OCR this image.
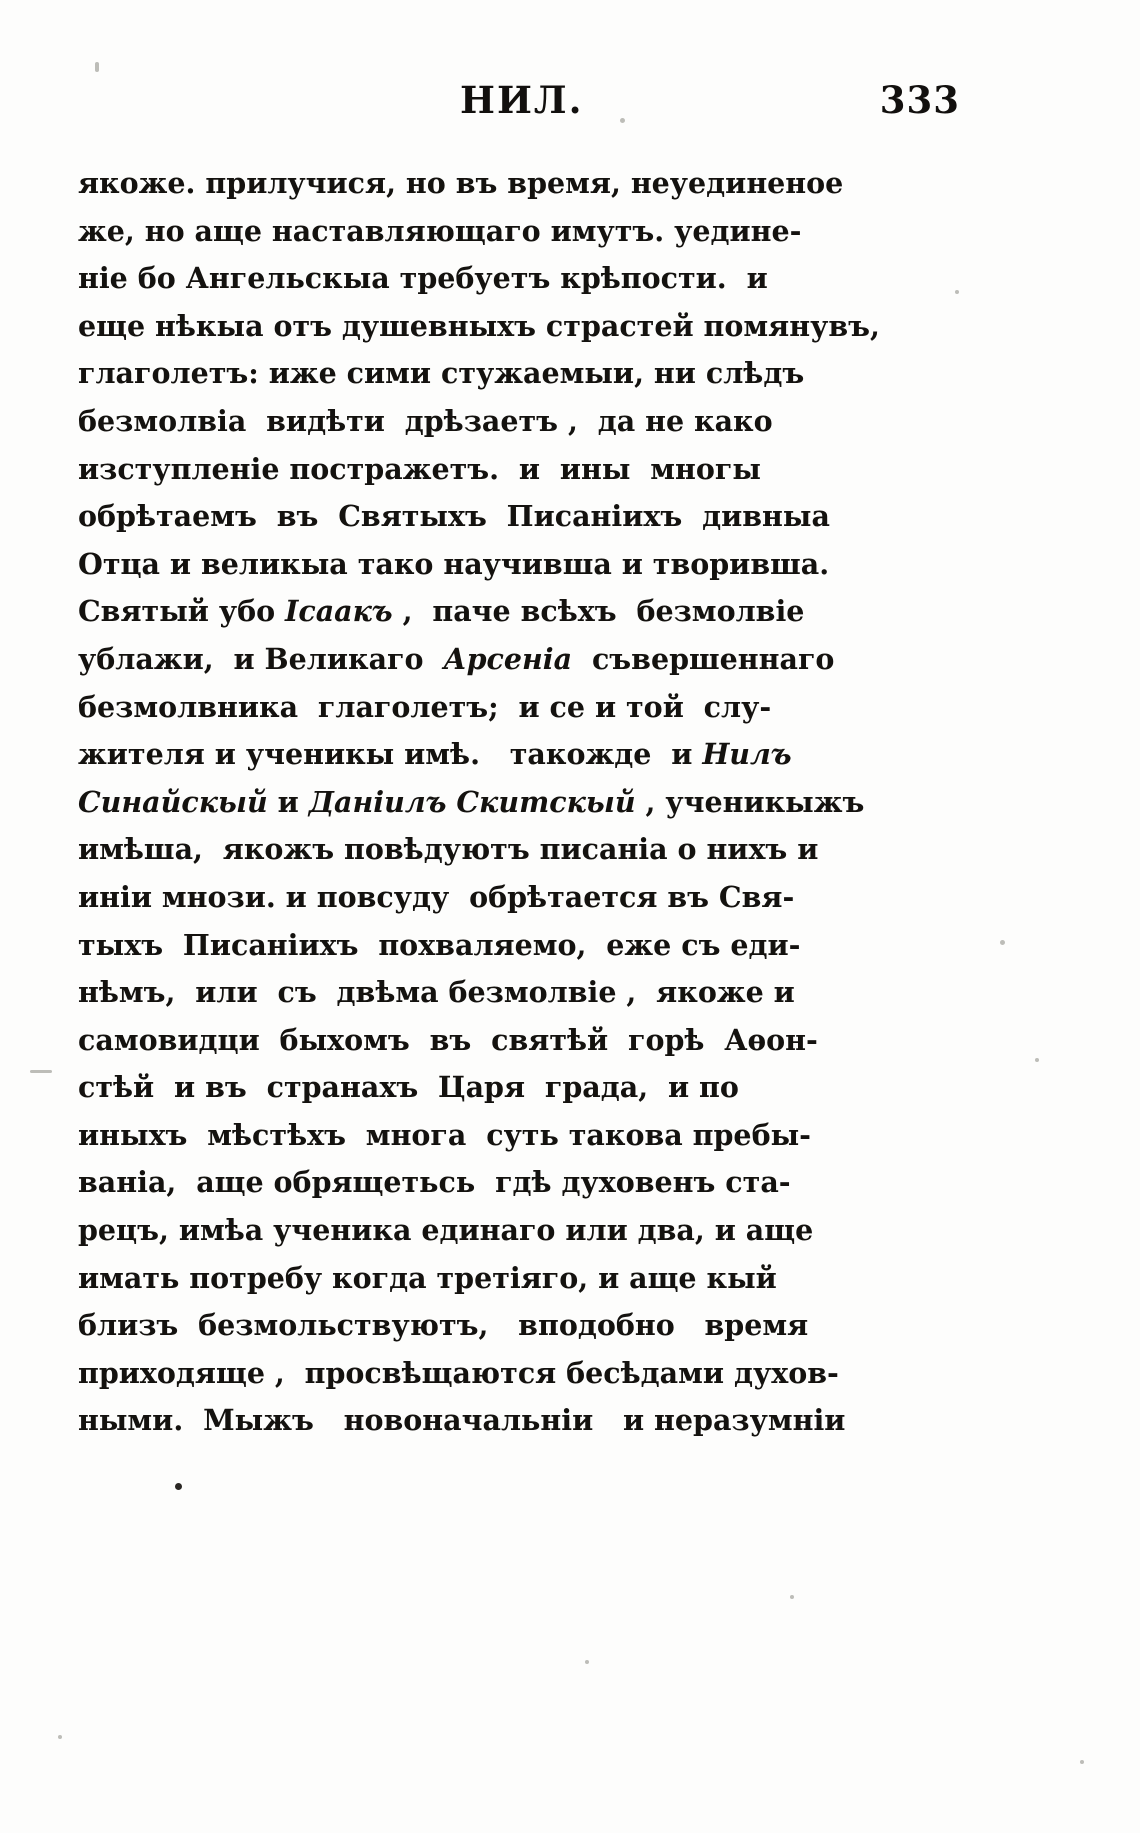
НИЛ.	333
якоже. прилучися, но въ время, неуединеное
же, но аще наставляющаго имутъ. уедине-
ніе бо Ангельскыа требуетъ крѣпости.  и
еще нѣкыа отъ душевныхъ страстей помянувъ,
глаголетъ: иже сими стужаемыи, ни слѣдъ
безмолвіа  видѣти  дрѣзаетъ ,  да не како
изступленіе постражетъ.  и  ины  многы
обрѣтаемъ  въ  Святыхъ  Писаніихъ  дивныа
Отца и великыа тако научивша и творивша.
Святый убо Iсаакъ ,  паче всѣхъ  безмолвіе
ублажи,  и Великаго  Арсеніа  съвершеннаго
безмолвника  глаголетъ;  и се и той  слу-
жителя и ученикы имѣ.   такожде  и Нилъ
Синайскый и Даніилъ Скитскый , ученикыжъ
имѣша,  якожъ повѣдуютъ писаніа о нихъ и
иніи мнози. и повсуду  обрѣтается въ Свя-
тыхъ  Писаніихъ  похваляемо,  еже съ еди-
нѣмъ,  или  съ  двѣма безмолвіе ,  якоже и
самовидци  быхомъ  въ  святѣй  горѣ  Аѳон-
стѣй  и въ  странахъ  Царя  града,  и по
иныхъ  мѣстѣхъ  многа  суть такова пребы-
ваніа,  аще обрящетьсь  гдѣ духовенъ ста-
рецъ, имѣа ученика единаго или два, и аще
имать потребу когда третіяго, и аще кый
близъ  безмольствуютъ,   вподобно   время
приходяще ,  просвѣщаются бесѣдами духов-
ными.  Мыжъ   новоначальніи   и неразумніи
